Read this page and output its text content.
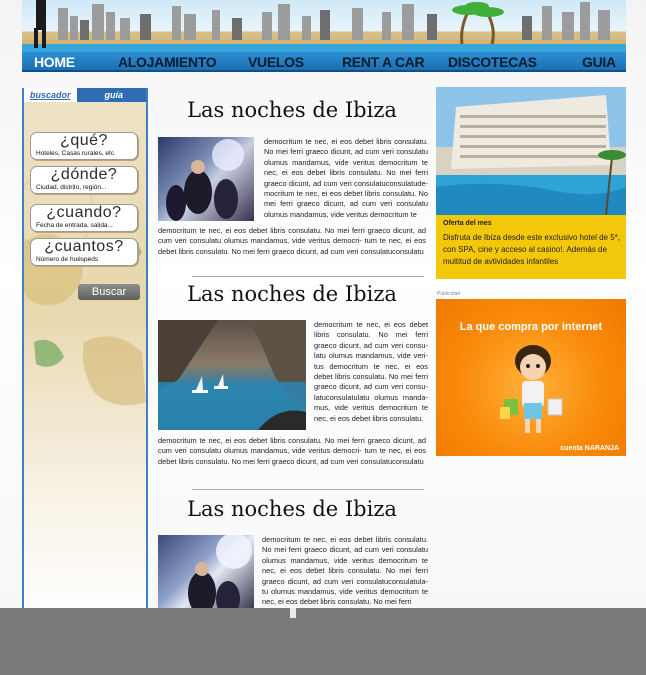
HOME	ALOJAMIENTO VUELOS	RENT A CAR DISCOTECAS	GUIA
buscador	guía
¿qué?
Hoteles, Casas rurales, etc.
¿dónde?
Ciudad, distrito, región...
¿cuando?
Fecha de entrada, salida...
¿cuantos?
Número de huéspeds
Buscar
Las noches de Ibiza
democritum te nec, ei eos debet libris consulatu. No mei ferri graeco dicunt, ad cum veri consulatu olumus mandamus, vide veritus democritum te nec, ei eos debet libris consulatu. No mei ferri graeco dicunt, ad cum veri consulatuconsulatude- mocritum te nec, ei eos debet libris consulatu. No mei ferri graeco dicunt, ad cum veri consulatu olumus mandamus, vide veritus democritum te
democritum te nec, ei eos debet libris consulatu. No mei ferri graeco dicunt, ad cum veri consulatu olumus mandamus, vide veritus democri- tum te nec, ei eos debet libris consulatu. No mei ferri graeco dicunt, ad cum veri consulatuconsulatu
Las noches de Ibiza
democritum te nec, ei eos debet libris consulatu. No mei ferri graeco dicunt, ad cum veri consu- latu olumus mandamus, vide veri- tus democritum te nec, ei eos debet libris consulatu. No mei ferri graeco dicunt, ad cum veri consu- latuconsulatulatu olumus manda- mus, vide veritus democritum te nec, ei eos debet libris consulatu.
democritum te nec, ei eos debet libris consulatu. No mei ferri graeco dicunt, ad cum veri consulatu olumus mandamus, vide veritus democri- tum te nec, ei eos debet libris consulatu. No mei ferri graeco dicunt, ad cum veri consulatuconsulatu
Las noches de Ibiza
democritum te nec, ei eos debet libris consulatu. No mei ferri graeco dicunt, ad cum veri consulatu olumus mandamus, vide veritus democritum te nec, ei eos debet libris consulatu. No mei ferri graeco dicunt, ad cum veri consulatuconsulatula- tu olumus mandamus, vide veritus democritum te nec, ei eos debet libris consulatu. No mei ferri
Oferta del mes
Disfruta de Ibiza desde este exclusivo hotel de 5*, con SPA, cine y acceso al casino!. Además de multitud de avtividades infantiles
Publicidad
La que compra por internet
cuenta NARANJA
